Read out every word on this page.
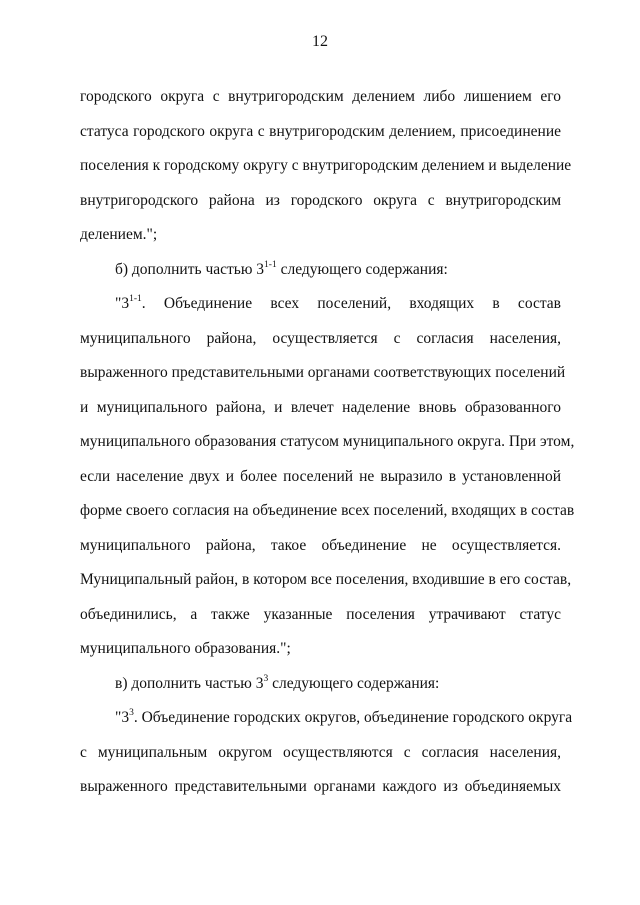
12
городского округа с внутригородским делением либо лишением его
статуса городского округа с внутригородским делением, присоединение
поселения к городскому округу с внутригородским делением и выделение
внутригородского района из городского округа с внутригородским
делением.";
б) дополнить частью 3$^{1-1}$ следующего содержания:
"3$^{1-1}$. Объединение всех поселений, входящих в состав
муниципального района, осуществляется с согласия населения,
выраженного представительными органами соответствующих поселений
и муниципального района, и влечет наделение вновь образованного
муниципального образования статусом муниципального округа. При этом,
если население двух и более поселений не выразило в установленной
форме своего согласия на объединение всех поселений, входящих в состав
муниципального района, такое объединение не осуществляется.
Муниципальный район, в котором все поселения, входившие в его состав,
объединились, а также указанные поселения утрачивают статус
муниципального образования.";
в) дополнить частью $3^3$ следующего содержания:
"$3^3$. Объединение городских округов, объединение городского округа
с муниципальным округом осуществляются с согласия населения,
выраженного представительными органами каждого из объединяемых
